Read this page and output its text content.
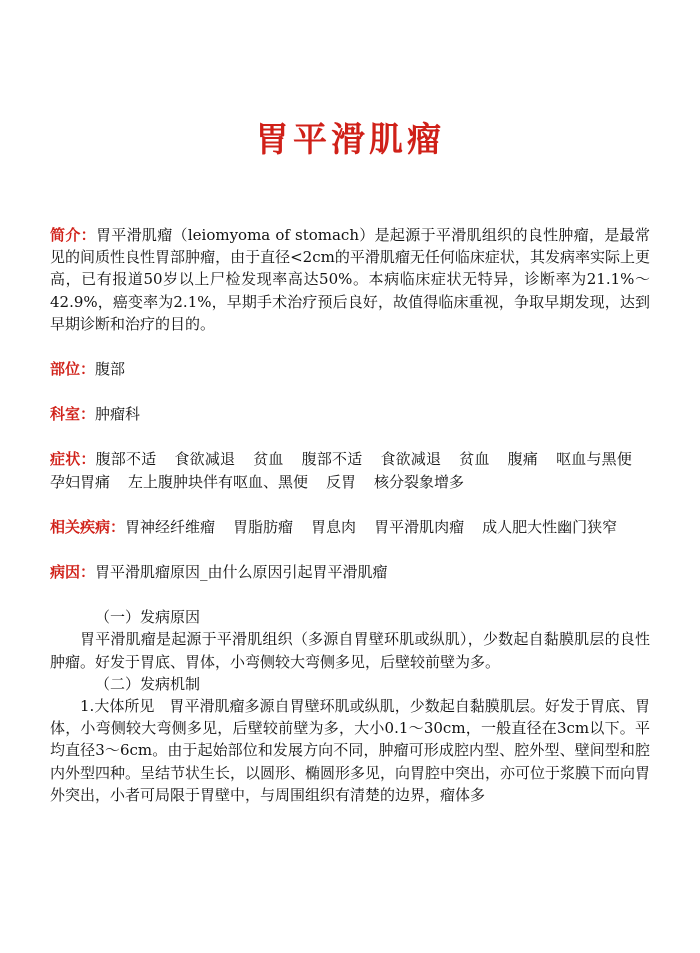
胃平滑肌瘤

简介：胃平滑肌瘤（leiomyoma of stomach）是起源于平滑肌组织的良性肿瘤，是最常见的间质性良性胃部肿瘤，由于直径<2cm的平滑肌瘤无任何临床症状，其发病率实际上更高，已有报道50岁以上尸检发现率高达50%。本病临床症状无特异，诊断率为21.1%～42.9%，癌变率为2.1%，早期手术治疗预后良好，故值得临床重视，争取早期发现，达到早期诊断和治疗的目的。

部位：腹部

科室：肿瘤科

症状：腹部不适 食欲减退 贫血 腹部不适 食欲减退 贫血 腹痛 呕血与黑便孕妇胃痛 左上腹肿块伴有呕血、黑便 反胃 核分裂象增多

相关疾病：胃神经纤维瘤 胃脂肪瘤 胃息肉 胃平滑肌肉瘤 成人肥大性幽门狭窄

病因：胃平滑肌瘤原因_由什么原因引起胃平滑肌瘤

（一）发病原因

胃平滑肌瘤是起源于平滑肌组织（多源自胃壁环肌或纵肌），少数起自黏膜肌层的良性肿瘤。好发于胃底、胃体，小弯侧较大弯侧多见，后壁较前壁为多。

（二）发病机制

1.大体所见　胃平滑肌瘤多源自胃壁环肌或纵肌，少数起自黏膜肌层。好发于胃底、胃体，小弯侧较大弯侧多见，后壁较前壁为多，大小0.1～30cm，一般直径在3cm以下。平均直径3～6cm。由于起始部位和发展方向不同，肿瘤可形成腔内型、腔外型、壁间型和腔内外型四种。呈结节状生长，以圆形、椭圆形多见，向胃腔中突出，亦可位于浆膜下而向胃外突出，小者可局限于胃壁中，与周围组织有清楚的边界，瘤体多
